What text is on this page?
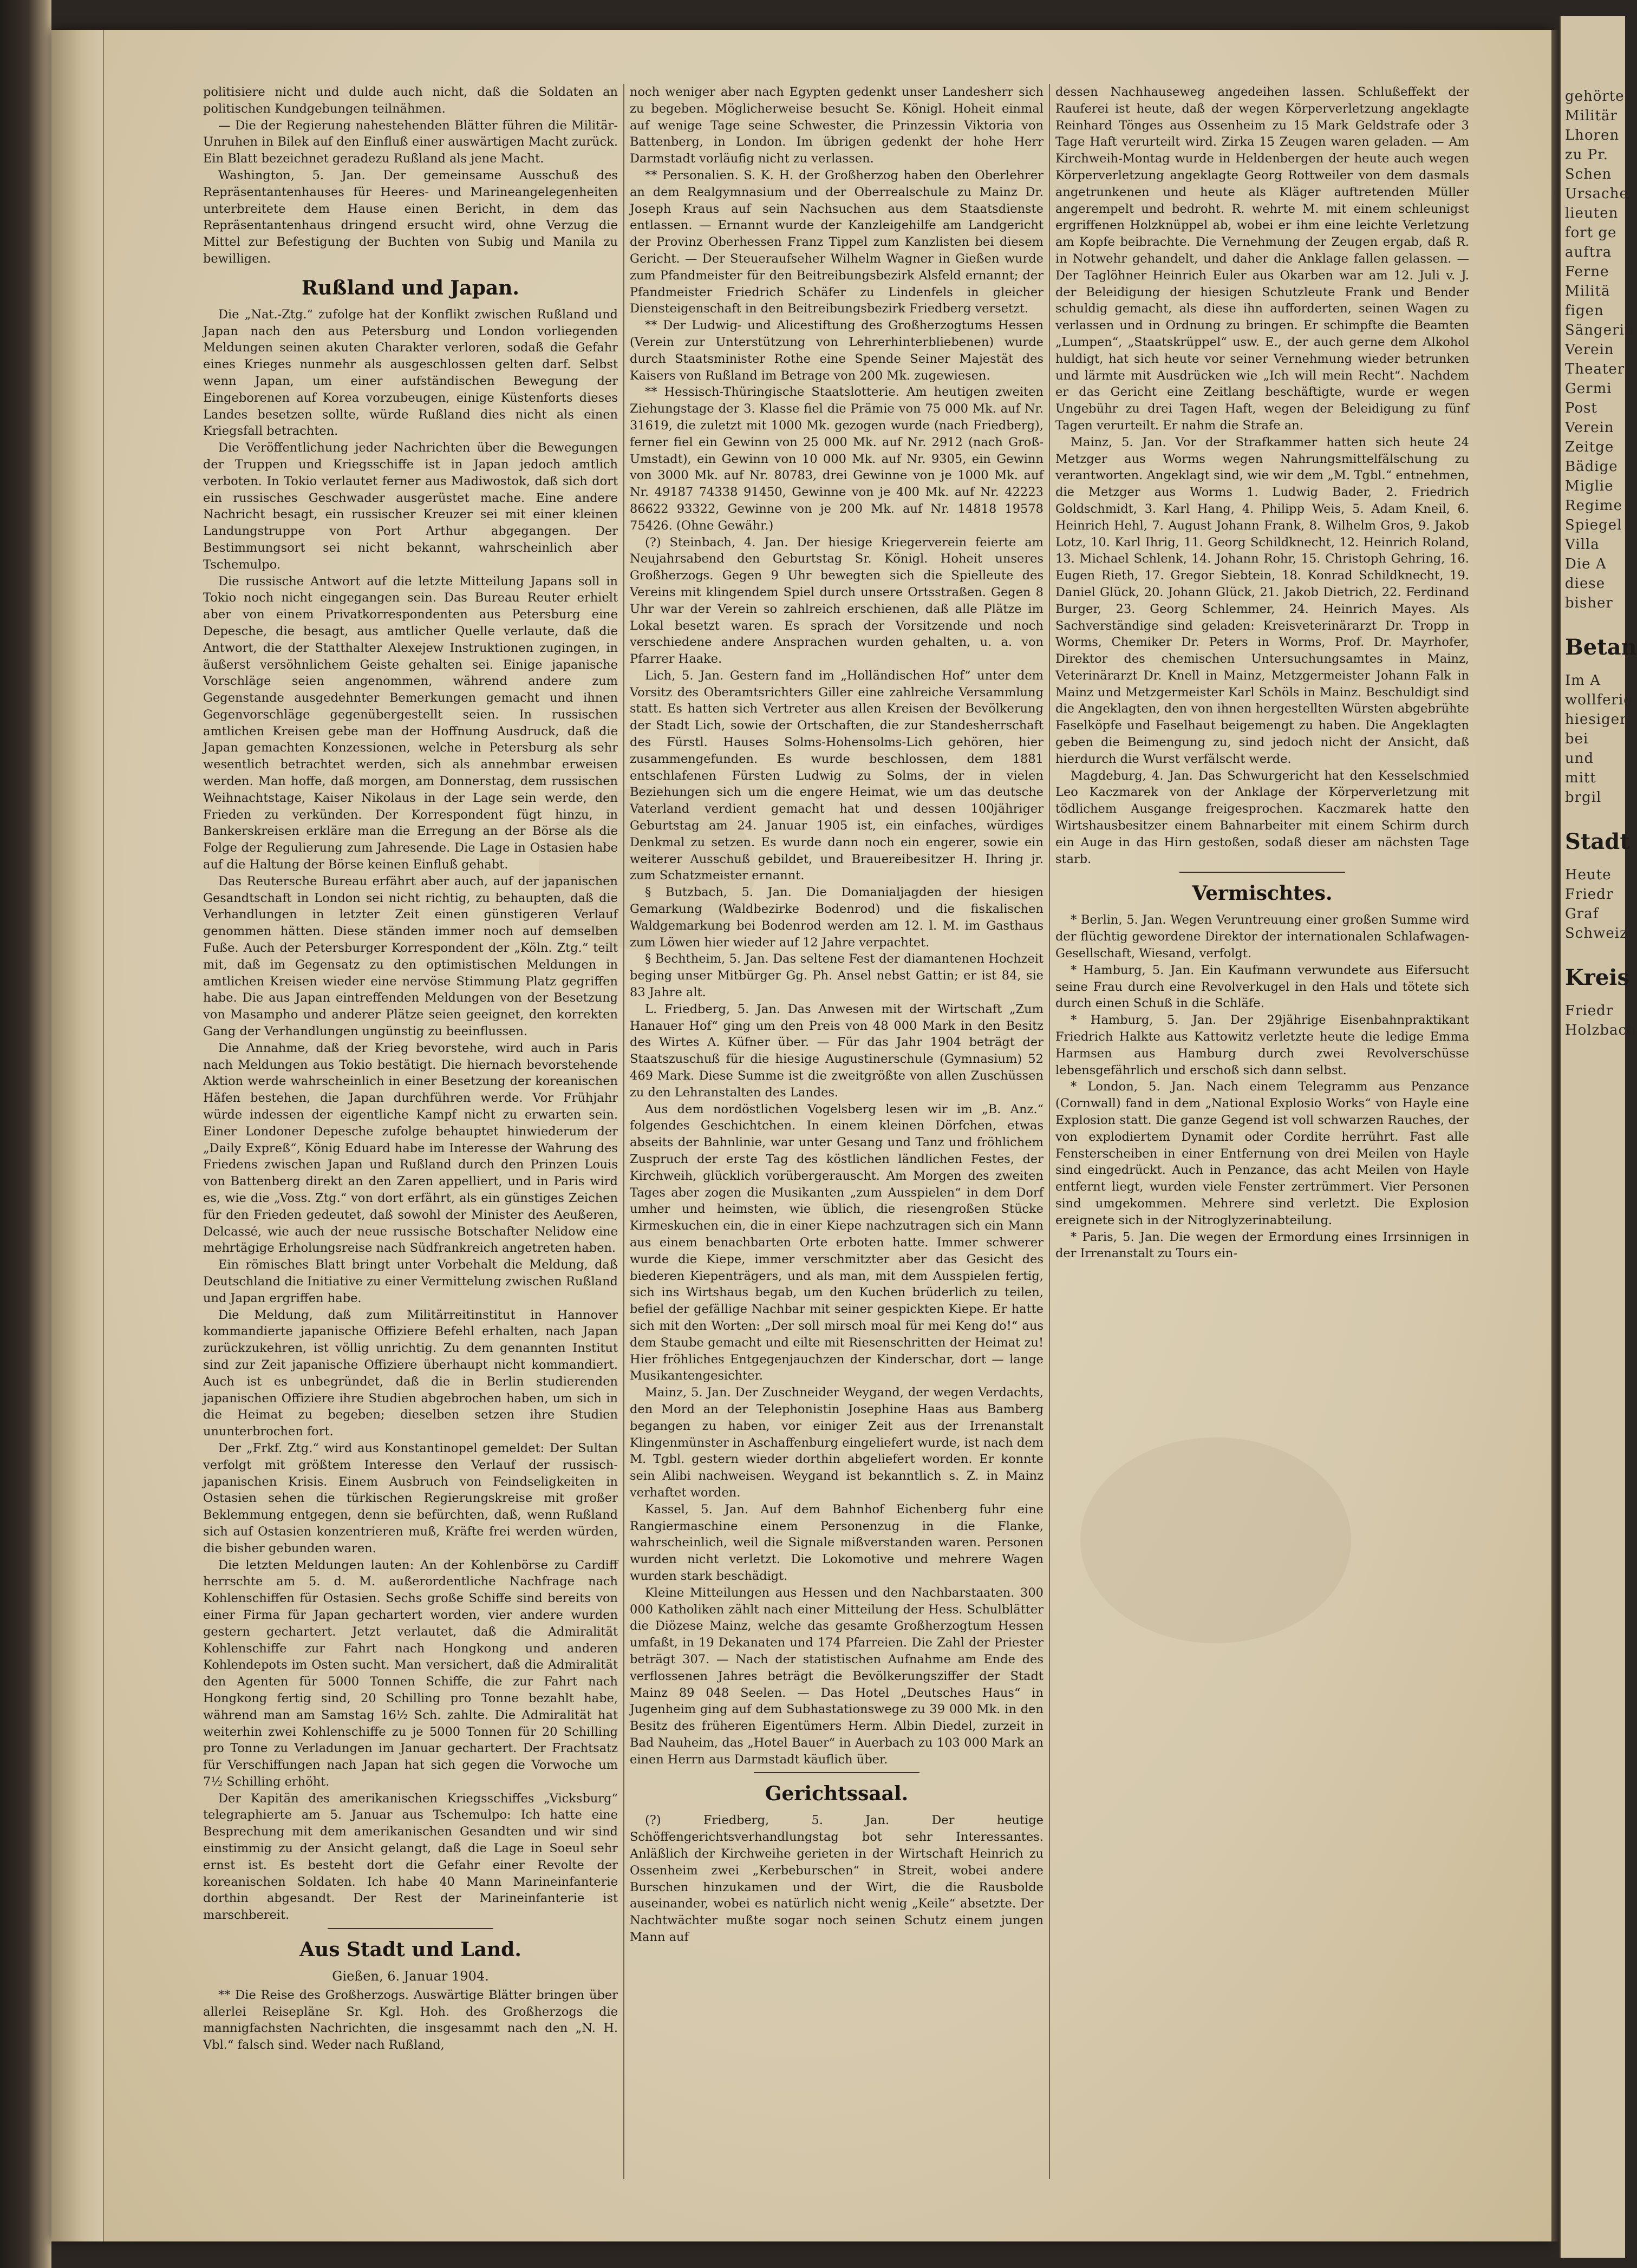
politisiere nicht und dulde auch nicht, daß die Soldaten an politischen Kundgebungen teilnähmen.

— Die der Regierung nahestehenden Blätter führen die Militär-Unruhen in Bilek auf den Einfluß einer auswärtigen Macht zurück. Ein Blatt bezeichnet geradezu Rußland als jene Macht.

Washington, 5. Jan. Der gemeinsame Ausschuß des Repräsentantenhauses für Heeres- und Marineangelegenheiten unterbreitete dem Hause einen Bericht, in dem das Repräsentantenhaus dringend ersucht wird, ohne Verzug die Mittel zur Befestigung der Buchten von Subig und Manila zu bewilligen.

Rußland und Japan.

Die „Nat.-Ztg.“ zufolge hat der Konflikt zwischen Rußland und Japan nach den aus Petersburg und London vorliegenden Meldungen seinen akuten Charakter verloren, sodaß die Gefahr eines Krieges nunmehr als ausgeschlossen gelten darf. Selbst wenn Japan, um einer aufständischen Bewegung der Eingeborenen auf Korea vorzubeugen, einige Küstenforts dieses Landes besetzen sollte, würde Rußland dies nicht als einen Kriegsfall betrachten.

Die Veröffentlichung jeder Nachrichten über die Bewegungen der Truppen und Kriegsschiffe ist in Japan jedoch amtlich verboten. In Tokio verlautet ferner aus Madiwostok, daß sich dort ein russisches Geschwader ausgerüstet mache. Eine andere Nachricht besagt, ein russischer Kreuzer sei mit einer kleinen Landungstruppe von Port Arthur abgegangen. Der Bestimmungsort sei nicht bekannt, wahrscheinlich aber Tschemulpo.

Die russische Antwort auf die letzte Mitteilung Japans soll in Tokio noch nicht eingegangen sein. Das Bureau Reuter erhielt aber von einem Privatkorrespondenten aus Petersburg eine Depesche, die besagt, aus amtlicher Quelle verlaute, daß die Antwort, die der Statthalter Alexejew Instruktionen zugingen, in äußerst versöhnlichem Geiste gehalten sei. Einige japanische Vorschläge seien angenommen, während andere zum Gegenstande ausgedehnter Bemerkungen gemacht und ihnen Gegenvorschläge gegenübergestellt seien. In russischen amtlichen Kreisen gebe man der Hoffnung Ausdruck, daß die Japan gemachten Konzessionen, welche in Petersburg als sehr wesentlich betrachtet werden, sich als annehmbar erweisen werden. Man hoffe, daß morgen, am Donnerstag, dem russischen Weihnachtstage, Kaiser Nikolaus in der Lage sein werde, den Frieden zu verkünden. Der Korrespondent fügt hinzu, in Bankerskreisen erkläre man die Erregung an der Börse als die Folge der Regulierung zum Jahresende. Die Lage in Ostasien habe auf die Haltung der Börse keinen Einfluß gehabt.

Das Reutersche Bureau erfährt aber auch, auf der japanischen Gesandtschaft in London sei nicht richtig, zu behaupten, daß die Verhandlungen in letzter Zeit einen günstigeren Verlauf genommen hätten. Diese ständen immer noch auf demselben Fuße. Auch der Petersburger Korrespondent der „Köln. Ztg.“ teilt mit, daß im Gegensatz zu den optimistischen Meldungen in amtlichen Kreisen wieder eine nervöse Stimmung Platz gegriffen habe. Die aus Japan eintreffenden Meldungen von der Besetzung von Masampho und anderer Plätze seien geeignet, den korrekten Gang der Verhandlungen ungünstig zu beeinflussen.

Die Annahme, daß der Krieg bevorstehe, wird auch in Paris nach Meldungen aus Tokio bestätigt. Die hiernach bevorstehende Aktion werde wahrscheinlich in einer Besetzung der koreanischen Häfen bestehen, die Japan durchführen werde. Vor Frühjahr würde indessen der eigentliche Kampf nicht zu erwarten sein. Einer Londoner Depesche zufolge behauptet hinwiederum der „Daily Expreß“, König Eduard habe im Interesse der Wahrung des Friedens zwischen Japan und Rußland durch den Prinzen Louis von Battenberg direkt an den Zaren appelliert, und in Paris wird es, wie die „Voss. Ztg.“ von dort erfährt, als ein günstiges Zeichen für den Frieden gedeutet, daß sowohl der Minister des Aeußeren, Delcassé, wie auch der neue russische Botschafter Nelidow eine mehrtägige Erholungsreise nach Südfrankreich angetreten haben.

Ein römisches Blatt bringt unter Vorbehalt die Meldung, daß Deutschland die Initiative zu einer Vermittelung zwischen Rußland und Japan ergriffen habe.

Die Meldung, daß zum Militärreitinstitut in Hannover kommandierte japanische Offiziere Befehl erhalten, nach Japan zurückzukehren, ist völlig unrichtig. Zu dem genannten Institut sind zur Zeit japanische Offiziere überhaupt nicht kommandiert. Auch ist es unbegründet, daß die in Berlin studierenden japanischen Offiziere ihre Studien abgebrochen haben, um sich in die Heimat zu begeben; dieselben setzen ihre Studien ununterbrochen fort.

Der „Frkf. Ztg.“ wird aus Konstantinopel gemeldet: Der Sultan verfolgt mit größtem Interesse den Verlauf der russisch-japanischen Krisis. Einem Ausbruch von Feindseligkeiten in Ostasien sehen die türkischen Regierungskreise mit großer Beklemmung entgegen, denn sie befürchten, daß, wenn Rußland sich auf Ostasien konzentrieren muß, Kräfte frei werden würden, die bisher gebunden waren.

Die letzten Meldungen lauten: An der Kohlenbörse zu Cardiff herrschte am 5. d. M. außerordentliche Nachfrage nach Kohlenschiffen für Ostasien. Sechs große Schiffe sind bereits von einer Firma für Japan gechartert worden, vier andere wurden gestern gechartert. Jetzt verlautet, daß die Admiralität Kohlenschiffe zur Fahrt nach Hongkong und anderen Kohlendepots im Osten sucht. Man versichert, daß die Admiralität den Agenten für 5000 Tonnen Schiffe, die zur Fahrt nach Hongkong fertig sind, 20 Schilling pro Tonne bezahlt habe, während man am Samstag 16½ Sch. zahlte. Die Admiralität hat weiterhin zwei Kohlenschiffe zu je 5000 Tonnen für 20 Schilling pro Tonne zu Verladungen im Januar gechartert. Der Frachtsatz für Verschiffungen nach Japan hat sich gegen die Vorwoche um 7½ Schilling erhöht.

Der Kapitän des amerikanischen Kriegsschiffes „Vicksburg“ telegraphierte am 5. Januar aus Tschemulpo: Ich hatte eine Besprechung mit dem amerikanischen Gesandten und wir sind einstimmig zu der Ansicht gelangt, daß die Lage in Soeul sehr ernst ist. Es besteht dort die Gefahr einer Revolte der koreanischen Soldaten. Ich habe 40 Mann Marineinfanterie dorthin abgesandt. Der Rest der Marineinfanterie ist marschbereit.

Aus Stadt und Land.
Gießen, 6. Januar 1904.

** Die Reise des Großherzogs. Auswärtige Blätter bringen über allerlei Reisepläne Sr. Kgl. Hoh. des Großherzogs die mannigfachsten Nachrichten, die insgesammt nach den „N. H. Vbl.“ falsch sind. Weder nach Rußland,

noch weniger aber nach Egypten gedenkt unser Landesherr sich zu begeben. Möglicherweise besucht Se. Königl. Hoheit einmal auf wenige Tage seine Schwester, die Prinzessin Viktoria von Battenberg, in London. Im übrigen gedenkt der hohe Herr Darmstadt vorläufig nicht zu verlassen.

** Personalien. S. K. H. der Großherzog haben den Oberlehrer an dem Realgymnasium und der Oberrealschule zu Mainz Dr. Joseph Kraus auf sein Nachsuchen aus dem Staatsdienste entlassen. — Ernannt wurde der Kanzleigehilfe am Landgericht der Provinz Oberhessen Franz Tippel zum Kanzlisten bei diesem Gericht. — Der Steueraufseher Wilhelm Wagner in Gießen wurde zum Pfandmeister für den Beitreibungsbezirk Alsfeld ernannt; der Pfandmeister Friedrich Schäfer zu Lindenfels in gleicher Diensteigenschaft in den Beitreibungsbezirk Friedberg versetzt.

** Der Ludwig- und Alicestiftung des Großherzogtums Hessen (Verein zur Unterstützung von Lehrerhinterbliebenen) wurde durch Staatsminister Rothe eine Spende Seiner Majestät des Kaisers von Rußland im Betrage von 200 Mk. zugewiesen.

** Hessisch-Thüringische Staatslotterie. Am heutigen zweiten Ziehungstage der 3. Klasse fiel die Prämie von 75 000 Mk. auf Nr. 31619, die zuletzt mit 1000 Mk. gezogen wurde (nach Friedberg), ferner fiel ein Gewinn von 25 000 Mk. auf Nr. 2912 (nach Groß-Umstadt), ein Gewinn von 10 000 Mk. auf Nr. 9305, ein Gewinn von 3000 Mk. auf Nr. 80783, drei Gewinne von je 1000 Mk. auf Nr. 49187 74338 91450, Gewinne von je 400 Mk. auf Nr. 42223 86622 93322, Gewinne von je 200 Mk. auf Nr. 14818 19578 75426. (Ohne Gewähr.)

(?) Steinbach, 4. Jan. Der hiesige Kriegerverein feierte am Neujahrsabend den Geburtstag Sr. Königl. Hoheit unseres Großherzogs. Gegen 9 Uhr bewegten sich die Spielleute des Vereins mit klingendem Spiel durch unsere Ortsstraßen. Gegen 8 Uhr war der Verein so zahlreich erschienen, daß alle Plätze im Lokal besetzt waren. Es sprach der Vorsitzende und noch verschiedene andere Ansprachen wurden gehalten, u. a. von Pfarrer Haake.

Lich, 5. Jan. Gestern fand im „Holländischen Hof“ unter dem Vorsitz des Oberamtsrichters Giller eine zahlreiche Versammlung statt. Es hatten sich Vertreter aus allen Kreisen der Bevölkerung der Stadt Lich, sowie der Ortschaften, die zur Standesherrschaft des Fürstl. Hauses Solms-Hohensolms-Lich gehören, hier zusammengefunden. Es wurde beschlossen, dem 1881 entschlafenen Fürsten Ludwig zu Solms, der in vielen Beziehungen sich um die engere Heimat, wie um das deutsche Vaterland verdient gemacht hat und dessen 100jähriger Geburtstag am 24. Januar 1905 ist, ein einfaches, würdiges Denkmal zu setzen. Es wurde dann noch ein engerer, sowie ein weiterer Ausschuß gebildet, und Brauereibesitzer H. Ihring jr. zum Schatzmeister ernannt.

§ Butzbach, 5. Jan. Die Domanialjagden der hiesigen Gemarkung (Waldbezirke Bodenrod) und die fiskalischen Waldgemarkung bei Bodenrod werden am 12. l. M. im Gasthaus zum Löwen hier wieder auf 12 Jahre verpachtet.

§ Bechtheim, 5. Jan. Das seltene Fest der diamantenen Hochzeit beging unser Mitbürger Gg. Ph. Ansel nebst Gattin; er ist 84, sie 83 Jahre alt.

L. Friedberg, 5. Jan. Das Anwesen mit der Wirtschaft „Zum Hanauer Hof“ ging um den Preis von 48 000 Mark in den Besitz des Wirtes A. Küfner über. — Für das Jahr 1904 beträgt der Staatszuschuß für die hiesige Augustinerschule (Gymnasium) 52 469 Mark. Diese Summe ist die zweitgrößte von allen Zuschüssen zu den Lehranstalten des Landes.

Aus dem nordöstlichen Vogelsberg lesen wir im „B. Anz.“ folgendes Geschichtchen. In einem kleinen Dörfchen, etwas abseits der Bahnlinie, war unter Gesang und Tanz und fröhlichem Zuspruch der erste Tag des köstlichen ländlichen Festes, der Kirchweih, glücklich vorübergerauscht. Am Morgen des zweiten Tages aber zogen die Musikanten „zum Ausspielen“ in dem Dorf umher und heimsten, wie üblich, die riesengroßen Stücke Kirmeskuchen ein, die in einer Kiepe nachzutragen sich ein Mann aus einem benachbarten Orte erboten hatte. Immer schwerer wurde die Kiepe, immer verschmitzter aber das Gesicht des biederen Kiepenträgers, und als man, mit dem Ausspielen fertig, sich ins Wirtshaus begab, um den Kuchen brüderlich zu teilen, befiel der gefällige Nachbar mit seiner gespickten Kiepe. Er hatte sich mit den Worten: „Der soll mirsch moal für mei Keng do!“ aus dem Staube gemacht und eilte mit Riesenschritten der Heimat zu! Hier fröhliches Entgegenjauchzen der Kinderschar, dort — lange Musikantengesichter.

Mainz, 5. Jan. Der Zuschneider Weygand, der wegen Verdachts, den Mord an der Telephonistin Josephine Haas aus Bamberg begangen zu haben, vor einiger Zeit aus der Irrenanstalt Klingenmünster in Aschaffenburg eingeliefert wurde, ist nach dem M. Tgbl. gestern wieder dorthin abgeliefert worden. Er konnte sein Alibi nachweisen. Weygand ist bekanntlich s. Z. in Mainz verhaftet worden.

Kassel, 5. Jan. Auf dem Bahnhof Eichenberg fuhr eine Rangiermaschine einem Personenzug in die Flanke, wahrscheinlich, weil die Signale mißverstanden waren. Personen wurden nicht verletzt. Die Lokomotive und mehrere Wagen wurden stark beschädigt.

Kleine Mitteilungen aus Hessen und den Nachbarstaaten. 300 000 Katholiken zählt nach einer Mitteilung der Hess. Schulblätter die Diözese Mainz, welche das gesamte Großherzogtum Hessen umfaßt, in 19 Dekanaten und 174 Pfarreien. Die Zahl der Priester beträgt 307. — Nach der statistischen Aufnahme am Ende des verflossenen Jahres beträgt die Bevölkerungsziffer der Stadt Mainz 89 048 Seelen. — Das Hotel „Deutsches Haus“ in Jugenheim ging auf dem Subhastationswege zu 39 000 Mk. in den Besitz des früheren Eigentümers Herm. Albin Diedel, zurzeit in Bad Nauheim, das „Hotel Bauer“ in Auerbach zu 103 000 Mark an einen Herrn aus Darmstadt käuflich über.

Gerichtssaal.

(?) Friedberg, 5. Jan. Der heutige Schöffengerichtsverhandlungstag bot sehr Interessantes. Anläßlich der Kirchweihe gerieten in der Wirtschaft Heinrich zu Ossenheim zwei „Kerbeburschen“ in Streit, wobei andere Burschen hinzukamen und der Wirt, die die Rausbolde auseinander, wobei es natürlich nicht wenig „Keile“ absetzte. Der Nachtwächter mußte sogar noch seinen Schutz einem jungen Mann auf

dessen Nachhauseweg angedeihen lassen. Schlußeffekt der Rauferei ist heute, daß der wegen Körperverletzung angeklagte Reinhard Tönges aus Ossenheim zu 15 Mark Geldstrafe oder 3 Tage Haft verurteilt wird. Zirka 15 Zeugen waren geladen. — Am Kirchweih-Montag wurde in Heldenbergen der heute auch wegen Körperverletzung angeklagte Georg Rottweiler von dem dasmals angetrunkenen und heute als Kläger auftretenden Müller angerempelt und bedroht. R. wehrte M. mit einem schleunigst ergriffenen Holzknüppel ab, wobei er ihm eine leichte Verletzung am Kopfe beibrachte. Die Vernehmung der Zeugen ergab, daß R. in Notwehr gehandelt, und daher die Anklage fallen gelassen. — Der Taglöhner Heinrich Euler aus Okarben war am 12. Juli v. J. der Beleidigung der hiesigen Schutzleute Frank und Bender schuldig gemacht, als diese ihn aufforderten, seinen Wagen zu verlassen und in Ordnung zu bringen. Er schimpfte die Beamten „Lumpen“, „Staatskrüppel“ usw. E., der auch gerne dem Alkohol huldigt, hat sich heute vor seiner Vernehmung wieder betrunken und lärmte mit Ausdrücken wie „Ich will mein Recht“. Nachdem er das Gericht eine Zeitlang beschäftigte, wurde er wegen Ungebühr zu drei Tagen Haft, wegen der Beleidigung zu fünf Tagen verurteilt. Er nahm die Strafe an.

Mainz, 5. Jan. Vor der Strafkammer hatten sich heute 24 Metzger aus Worms wegen Nahrungsmittelfälschung zu verantworten. Angeklagt sind, wie wir dem „M. Tgbl.“ entnehmen, die Metzger aus Worms 1. Ludwig Bader, 2. Friedrich Goldschmidt, 3. Karl Hang, 4. Philipp Weis, 5. Adam Kneil, 6. Heinrich Hehl, 7. August Johann Frank, 8. Wilhelm Gros, 9. Jakob Lotz, 10. Karl Ihrig, 11. Georg Schildknecht, 12. Heinrich Roland, 13. Michael Schlenk, 14. Johann Rohr, 15. Christoph Gehring, 16. Eugen Rieth, 17. Gregor Siebtein, 18. Konrad Schildknecht, 19. Daniel Glück, 20. Johann Glück, 21. Jakob Dietrich, 22. Ferdinand Burger, 23. Georg Schlemmer, 24. Heinrich Mayes. Als Sachverständige sind geladen: Kreisveterinärarzt Dr. Tropp in Worms, Chemiker Dr. Peters in Worms, Prof. Dr. Mayrhofer, Direktor des chemischen Untersuchungsamtes in Mainz, Veterinärarzt Dr. Knell in Mainz, Metzgermeister Johann Falk in Mainz und Metzgermeister Karl Schöls in Mainz. Beschuldigt sind die Angeklagten, den von ihnen hergestellten Würsten abgebrühte Faselköpfe und Faselhaut beigemengt zu haben. Die Angeklagten geben die Beimengung zu, sind jedoch nicht der Ansicht, daß hierdurch die Wurst verfälscht werde.

Magdeburg, 4. Jan. Das Schwurgericht hat den Kesselschmied Leo Kaczmarek von der Anklage der Körperverletzung mit tödlichem Ausgange freigesprochen. Kaczmarek hatte den Wirtshausbesitzer einem Bahnarbeiter mit einem Schirm durch ein Auge in das Hirn gestoßen, sodaß dieser am nächsten Tage starb.

Vermischtes.

* Berlin, 5. Jan. Wegen Veruntreuung einer großen Summe wird der flüchtig gewordene Direktor der internationalen Schlafwagen-Gesellschaft, Wiesand, verfolgt.

* Hamburg, 5. Jan. Ein Kaufmann verwundete aus Eifersucht seine Frau durch eine Revolverkugel in den Hals und tötete sich durch einen Schuß in die Schläfe.

* Hamburg, 5. Jan. Der 29jährige Eisenbahnpraktikant Friedrich Halkte aus Kattowitz verletzte heute die ledige Emma Harmsen aus Hamburg durch zwei Revolverschüsse lebensgefährlich und erschoß sich dann selbst.

* London, 5. Jan. Nach einem Telegramm aus Penzance (Cornwall) fand in dem „National Explosio Works“ von Hayle eine Explosion statt. Die ganze Gegend ist voll schwarzen Rauches, der von explodiertem Dynamit oder Cordite herrührt. Fast alle Fensterscheiben in einer Entfernung von drei Meilen von Hayle sind eingedrückt. Auch in Penzance, das acht Meilen von Hayle entfernt liegt, wurden viele Fenster zertrümmert. Vier Personen sind umgekommen. Mehrere sind verletzt. Die Explosion ereignete sich in der Nitroglyzerinabteilung.

* Paris, 5. Jan. Die wegen der Ermordung eines Irrsinnigen in der Irrenanstalt zu Tours ein-

gehörte
Militär
Lhoren
zu Pr.
Schen
Ursache
lieuten
fort ge
auftra
Ferne
Militä
figen
Sängerin
Verein
Theater
Germi
Post
Verein
Zeitge
Bädige
Miglie
Regime
Spiegel
Villa
Die A
diese
bisher
Betan
Im A
wollferie
hiesiger
bei
und
mitt
brgil
Stadt
Heute
Friedr
Graf
Schweiz
Kreis
Friedr
Holzbach
